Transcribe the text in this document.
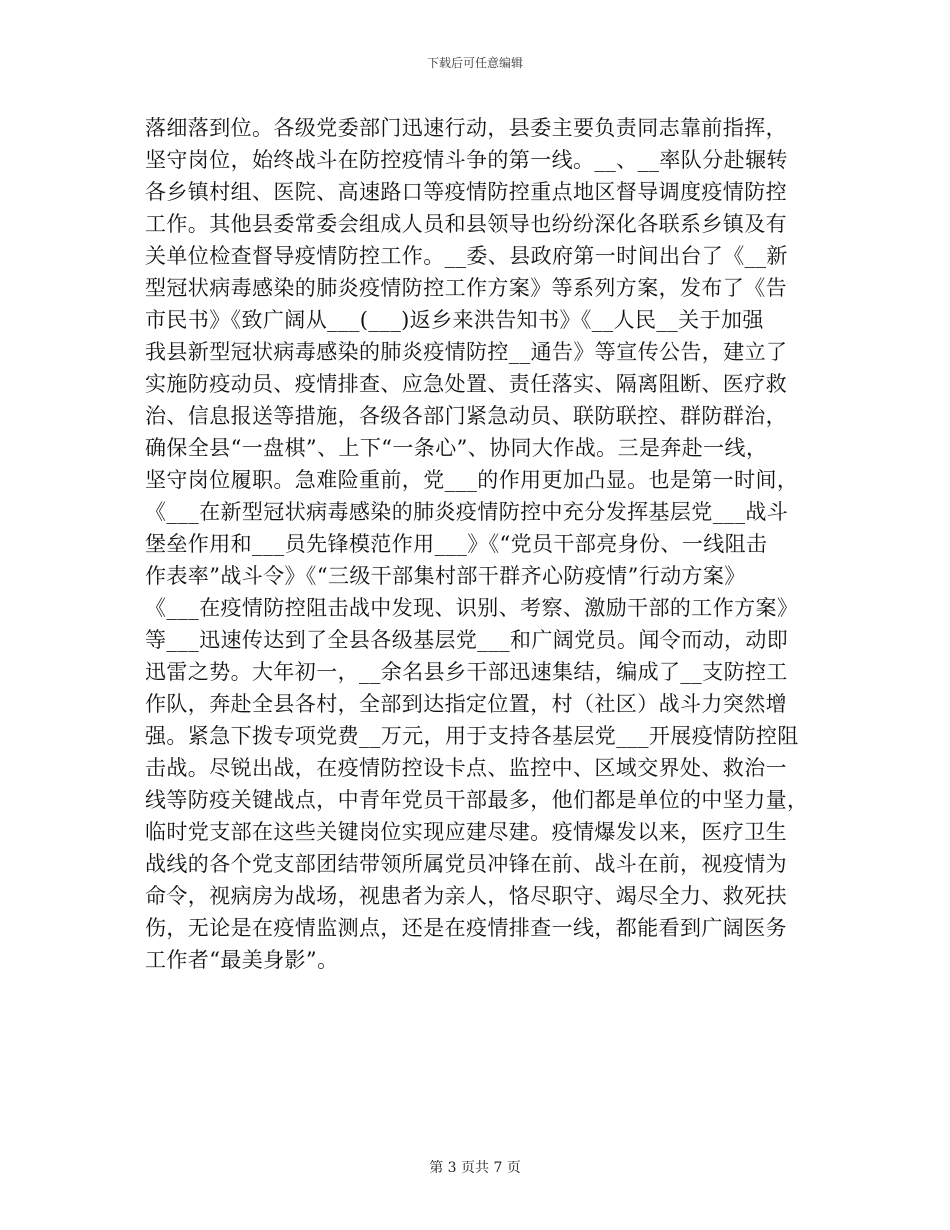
下载后可任意编辑
落细落到位。各级党委部门迅速行动，县委主要负责同志靠前指挥，
坚守岗位，始终战斗在防控疫情斗争的第一线。__、__率队分赴辗转
各乡镇村组、医院、高速路口等疫情防控重点地区督导调度疫情防控
工作。其他县委常委会组成人员和县领导也纷纷深化各联系乡镇及有
关单位检查督导疫情防控工作。__委、县政府第一时间出台了《__新
型冠状病毒感染的肺炎疫情防控工作方案》等系列方案，发布了《告
市民书》《致广阔从___(___)返乡来洪告知书》《__人民__关于加强
我县新型冠状病毒感染的肺炎疫情防控__通告》等宣传公告，建立了
实施防疫动员、疫情排查、应急处置、责任落实、隔离阻断、医疗救
治、信息报送等措施，各级各部门紧急动员、联防联控、群防群治，
确保全县“一盘棋”、上下“一条心”、协同大作战。三是奔赴一线，
坚守岗位履职。急难险重前，党___的作用更加凸显。也是第一时间，
《___在新型冠状病毒感染的肺炎疫情防控中充分发挥基层党___战斗
堡垒作用和___员先锋模范作用___》《“党员干部亮身份、一线阻击
作表率”战斗令》《“三级干部集村部干群齐心防疫情”行动方案》
《___在疫情防控阻击战中发现、识别、考察、激励干部的工作方案》
等___迅速传达到了全县各级基层党___和广阔党员。闻令而动，动即
迅雷之势。大年初一，__余名县乡干部迅速集结，编成了__支防控工
作队，奔赴全县各村，全部到达指定位置，村（社区）战斗力突然增
强。紧急下拨专项党费__万元，用于支持各基层党___开展疫情防控阻
击战。尽锐出战，在疫情防控设卡点、监控中、区域交界处、救治一
线等防疫关键战点，中青年党员干部最多，他们都是单位的中坚力量，
临时党支部在这些关键岗位实现应建尽建。疫情爆发以来，医疗卫生
战线的各个党支部团结带领所属党员冲锋在前、战斗在前，视疫情为
命令，视病房为战场，视患者为亲人，恪尽职守、竭尽全力、救死扶
伤，无论是在疫情监测点，还是在疫情排查一线，都能看到广阔医务
工作者“最美身影”。
第 3 页共 7 页
